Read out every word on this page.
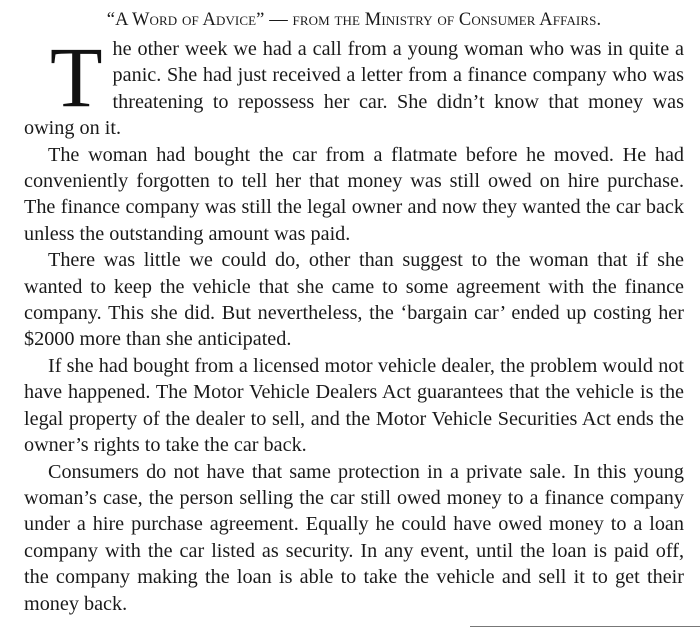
“A Word of Advice” — from the Ministry of Consumer Affairs.

The other week we had a call from a young woman who was in quite a panic. She had just received a letter from a finance company who was threatening to repossess her car. She didn’t know that money was owing on it.

The woman had bought the car from a flatmate before he moved. He had conveniently forgotten to tell her that money was still owed on hire purchase. The finance company was still the legal owner and now they wanted the car back unless the outstanding amount was paid.

There was little we could do, other than suggest to the woman that if she wanted to keep the vehicle that she came to some agreement with the finance company. This she did. But nevertheless, the ‘bargain car’ ended up costing her $2000 more than she anticipated.

If she had bought from a licensed motor vehicle dealer, the problem would not have happened. The Motor Vehicle Dealers Act guarantees that the vehicle is the legal property of the dealer to sell, and the Motor Vehicle Securities Act ends the owner’s rights to take the car back.

Consumers do not have that same protection in a private sale. In this young woman’s case, the person selling the car still owed money to a finance company under a hire purchase agreement. Equally he could have owed money to a loan company with the car listed as security. In any event, until the loan is paid off, the company making the loan is able to take the vehicle and sell it to get their money back.
